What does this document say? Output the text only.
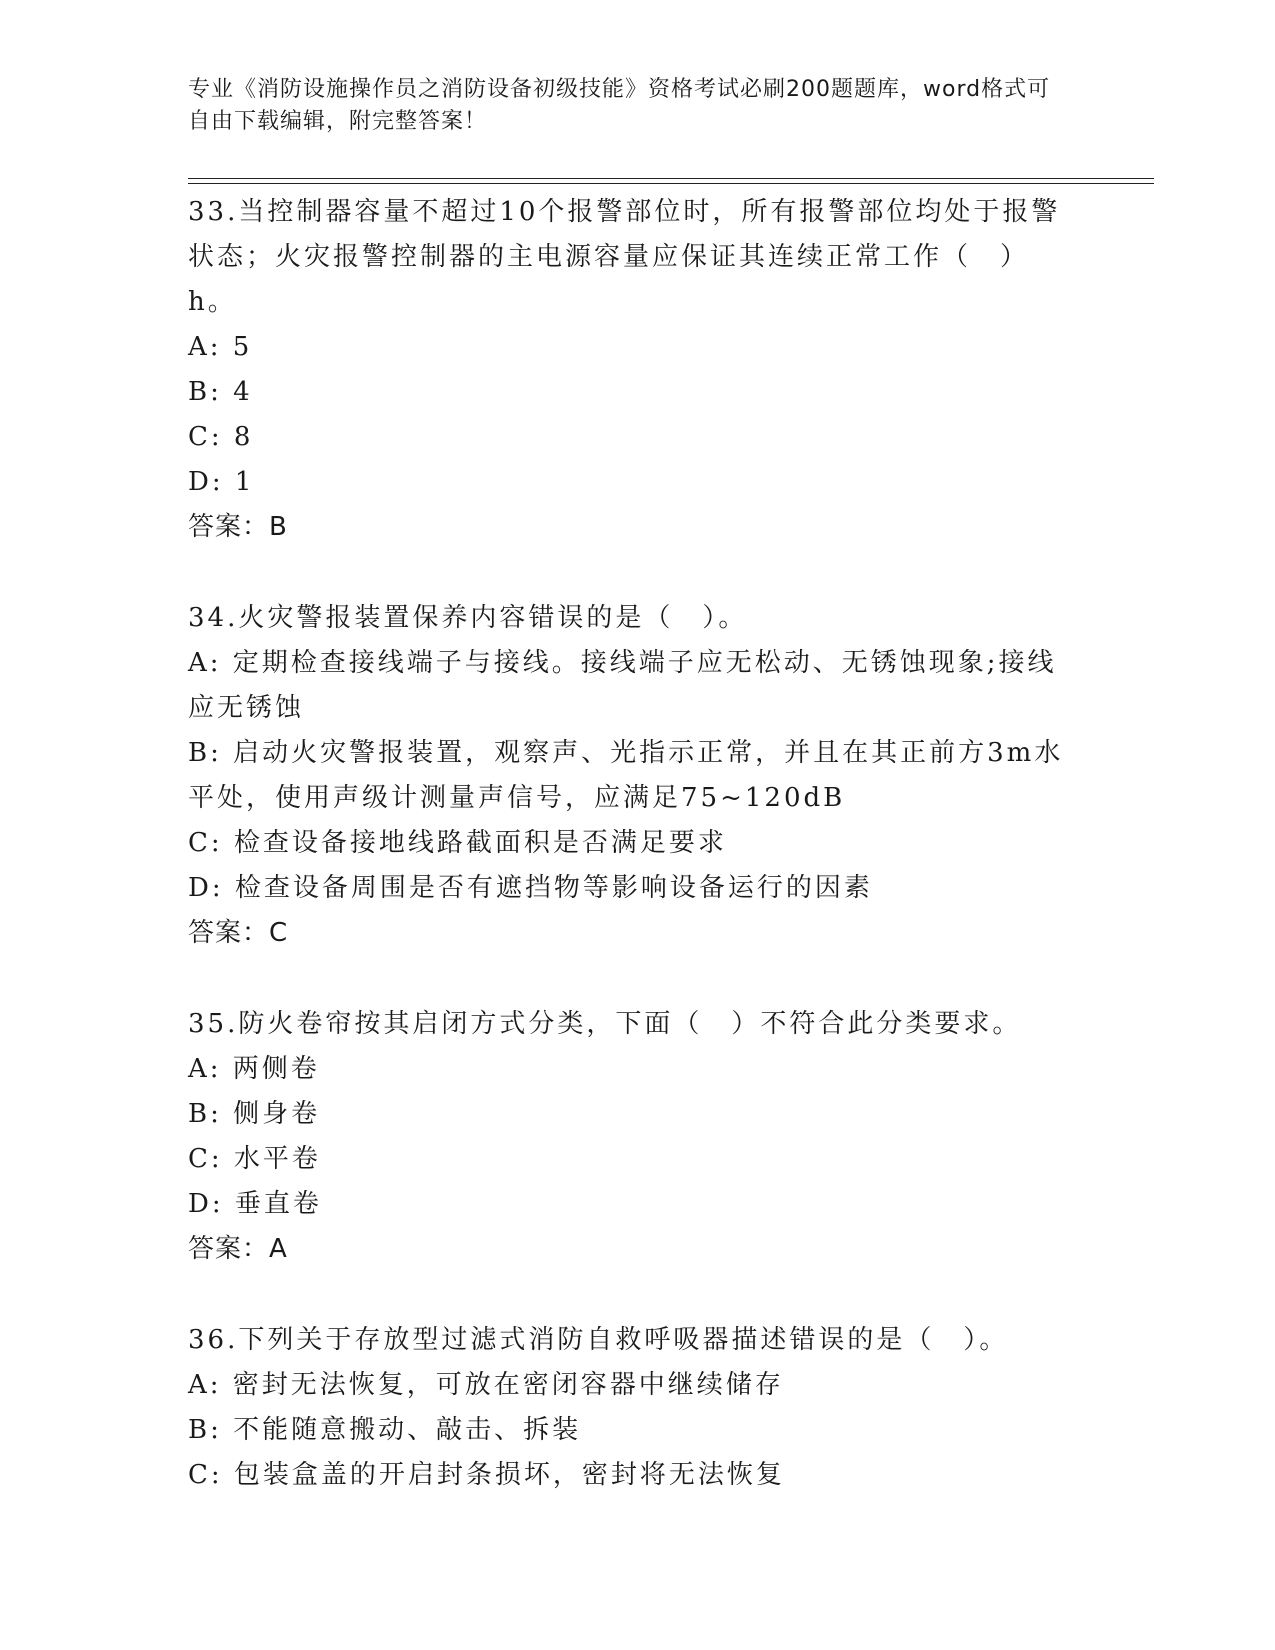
专业《消防设施操作员之消防设备初级技能》资格考试必刷200题题库，word格式可自由下载编辑，附完整答案！
33.当控制器容量不超过10个报警部位时，所有报警部位均处于报警状态；火灾报警控制器的主电源容量应保证其连续正常工作（　）h。
A: 5
B: 4
C: 8
D: 1
答案：B
34.火灾警报装置保养内容错误的是（　）。
A: 定期检查接线端子与接线。接线端子应无松动、无锈蚀现象;接线应无锈蚀
B: 启动火灾警报装置，观察声、光指示正常，并且在其正前方3m水平处，使用声级计测量声信号，应满足75~120dB
C: 检查设备接地线路截面积是否满足要求
D: 检查设备周围是否有遮挡物等影响设备运行的因素
答案：C
35.防火卷帘按其启闭方式分类，下面（　）不符合此分类要求。
A: 两侧卷
B: 侧身卷
C: 水平卷
D: 垂直卷
答案：A
36.下列关于存放型过滤式消防自救呼吸器描述错误的是（　）。
A: 密封无法恢复，可放在密闭容器中继续储存
B: 不能随意搬动、敲击、拆装
C: 包装盒盖的开启封条损坏，密封将无法恢复
